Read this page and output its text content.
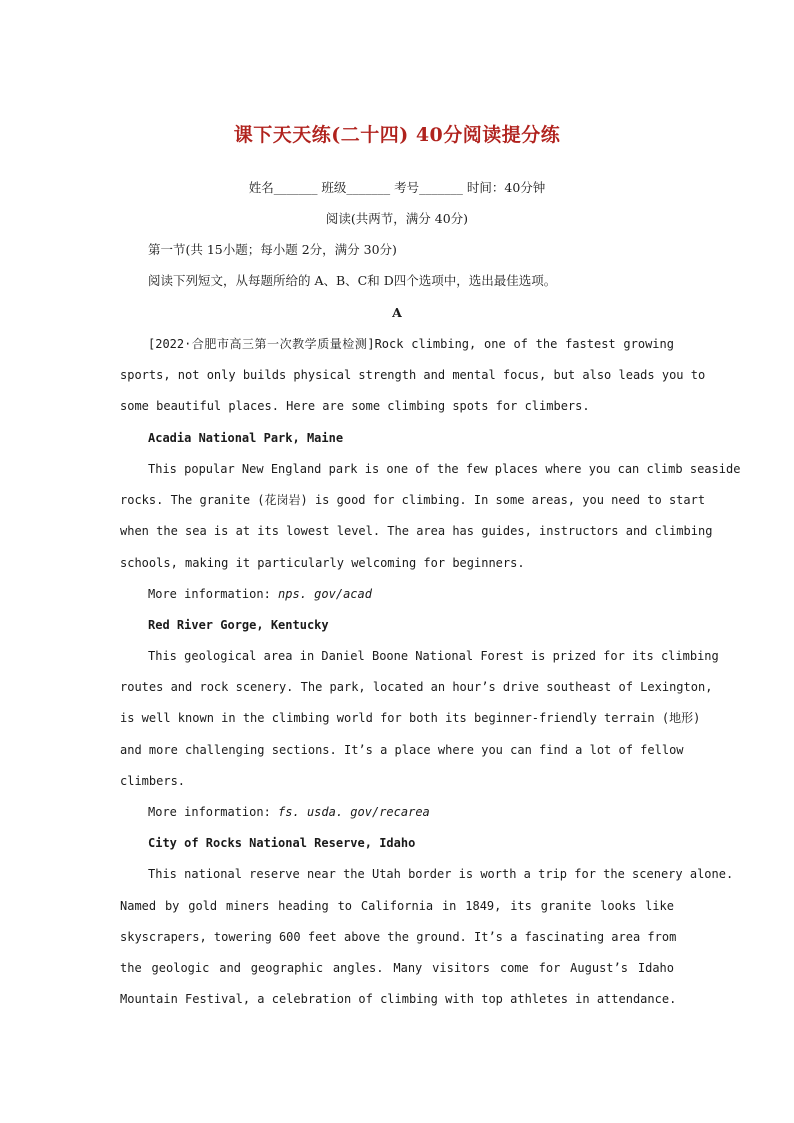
课下天天练(二十四) 40分阅读提分练
姓名_______ 班级_______ 考号_______ 时间：40分钟
阅读(共两节，满分 40分)
第一节(共 15小题；每小题 2分，满分 30分)
阅读下列短文，从每题所给的 A、B、C和 D四个选项中，选出最佳选项。
A
[2022·合肥市高三第一次教学质量检测]Rock climbing, one of the fastest growing
sports, not only builds physical strength and mental focus, but also leads you to
some beautiful places. Here are some climbing spots for climbers.
Acadia National Park, Maine
This popular New England park is one of the few places where you can climb seaside
rocks. The granite (花岗岩) is good for climbing. In some areas, you need to start
when the sea is at its lowest level. The area has guides, instructors and climbing
schools, making it particularly welcoming for beginners.
More information: nps. gov/acad
Red River Gorge, Kentucky
This geological area in Daniel Boone National Forest is prized for its climbing
routes and rock scenery. The park, located an hour’s drive southeast of Lexington,
is well known in the climbing world for both its beginner-friendly terrain (地形)
and more challenging sections. It’s a place where you can find a lot of fellow
climbers.
More information: fs. usda. gov/recarea
City of Rocks National Reserve, Idaho
This national reserve near the Utah border is worth a trip for the scenery alone.
Named by gold miners heading to California in 1849, its granite looks like
skyscrapers, towering 600 feet above the ground. It’s a fascinating area from
the geologic and geographic angles. Many visitors come for August’s Idaho
Mountain Festival, a celebration of climbing with top athletes in attendance.
